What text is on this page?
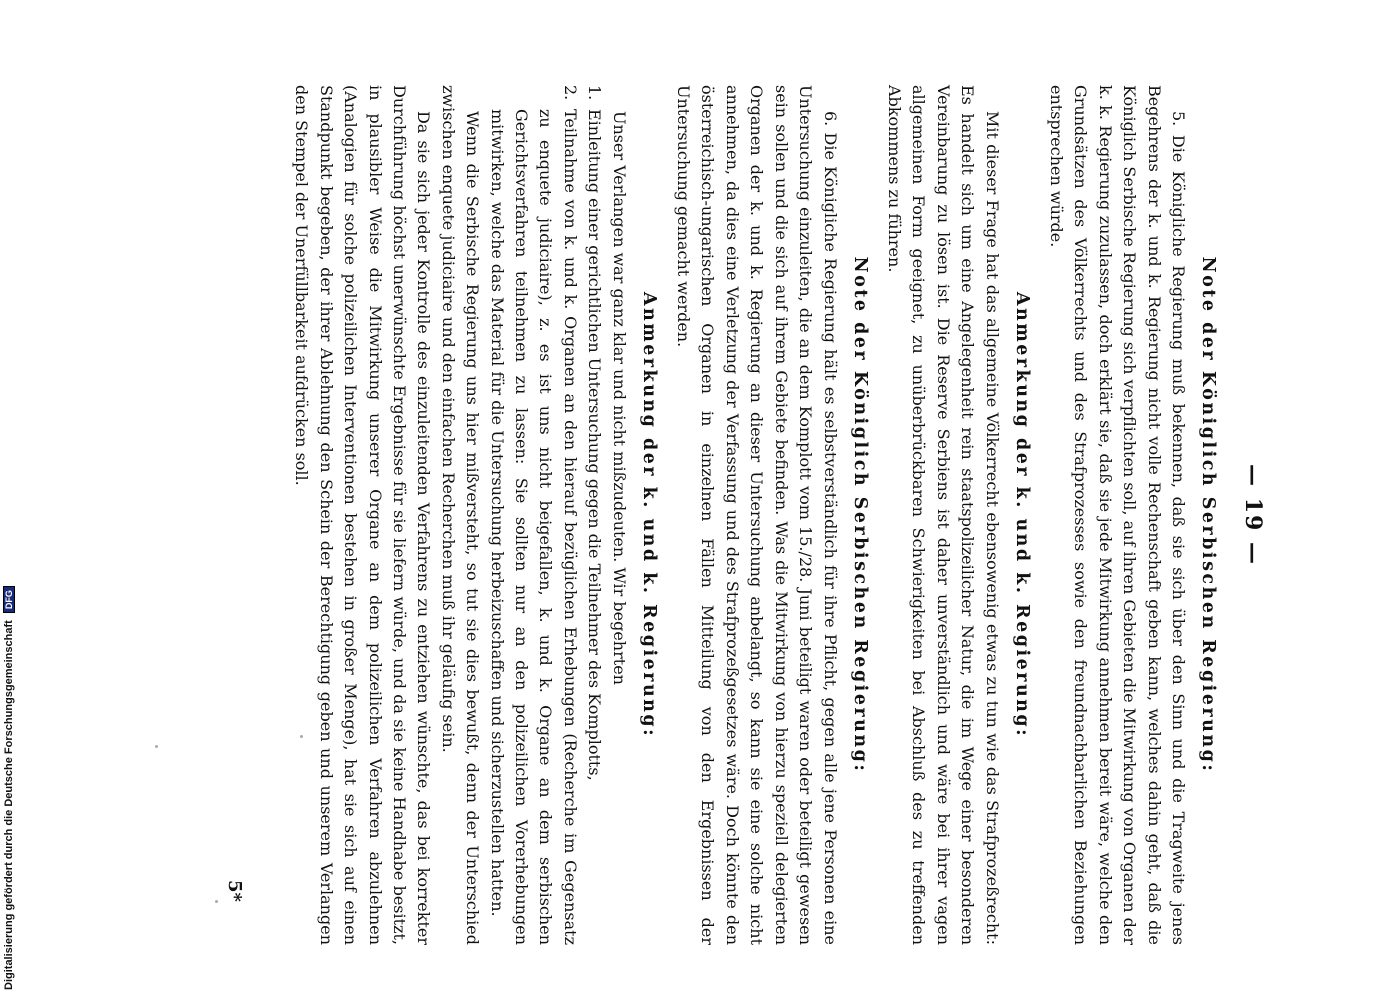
Digitalisierung gefördert durch die Deutsche Forschungsgemeinschaft DFG
— 19 —
Note der Königlich Serbischen Regierung:

5. Die Königliche Regierung muß bekennen, daß sie sich über den Sinn und die Tragweite jenes Begehrens der k. und k. Regierung nicht volle Rechenschaft geben kann, welches dahin geht, daß die Königlich Serbische Regierung sich verpflichten soll, auf ihren Gebieten die Mitwirkung von Organen der k. k. Regierung zuzulassen, doch erklärt sie, daß sie jede Mitwirkung annehmen bereit wäre, welche den Grundsätzen des Völkerrechts und des Strafprozesses sowie den freundnachbarlichen Beziehungen entsprechen würde.

Anmerkung der k. und k. Regierung:

Mit dieser Frage hat das allgemeine Völkerrecht ebensowenig etwas zu tun wie das Strafprozeßrecht: Es handelt sich um eine Angelegenheit rein staatspolizeilicher Natur, die im Wege einer besonderen Vereinbarung zu lösen ist. Die Reserve Serbiens ist daher unverständlich und wäre bei ihrer vagen allgemeinen Form geeignet, zu unüberbrückbaren Schwierigkeiten bei Abschluß des zu treffenden Abkommens zu führen.

Note der Königlich Serbischen Regierung:

6. Die Königliche Regierung hält es selbstverständlich für ihre Pflicht, gegen alle jene Personen eine Untersuchung einzuleiten, die an dem Komplott vom 15./28. Juni beteiligt waren oder beteiligt gewesen sein sollen und die sich auf ihrem Gebiete befinden. Was die Mitwirkung von hierzu speziell delegierten Organen der k. und k. Regierung an dieser Untersuchung anbelangt, so kann sie eine solche nicht annehmen, da dies eine Verletzung der Verfassung und des Strafprozeßgesetzes wäre. Doch könnte den österreichisch-ungarischen Organen in einzelnen Fällen Mitteilung von den Ergebnissen der Untersuchung gemacht werden.

Anmerkung der k. und k. Regierung:

Unser Verlangen war ganz klar und nicht mißzudeuten. Wir begehrten

1.
Einleitung einer gerichtlichen Untersuchung gegen die Teilnehmer des Komplotts,

2.
Teilnahme von k. und k. Organen an den hierauf bezüglichen Erhebungen (Recherche im Gegensatz zu enquete judiciaire), z. es ist uns nicht beigefallen, k. und k. Organe an dem serbischen Gerichtsverfahren teilnehmen zu lassen: Sie sollten nur an den polizeilichen Vorerhebungen mitwirken, welche das Material für die Untersuchung herbeizuschaffen und sicherzustellen hatten.

Wenn die Serbische Regierung uns hier mißversteht, so tut sie dies bewußt, denn der Unterschied zwischen enquete judiciaire und den einfachen Recherchen muß ihr geläufig sein.

Da sie sich jeder Kontrolle des einzuleitenden Verfahrens zu entziehen wünschte, das bei korrekter Durchführung höchst unerwünschte Ergebnisse für sie liefern würde, und da sie keine Handhabe besitzt, in plausibler Weise die Mitwirkung unserer Organe an dem polizeilichen Verfahren abzulehnen (Analogien für solche polizeilichen Interventionen bestehen in großer Menge), hat sie sich auf einen Standpunkt begeben, der ihrer Ablehnung den Schein der Berechtigung geben und unserem Verlangen den Stempel der Unerfüllbarkeit aufdrücken soll.

5*
